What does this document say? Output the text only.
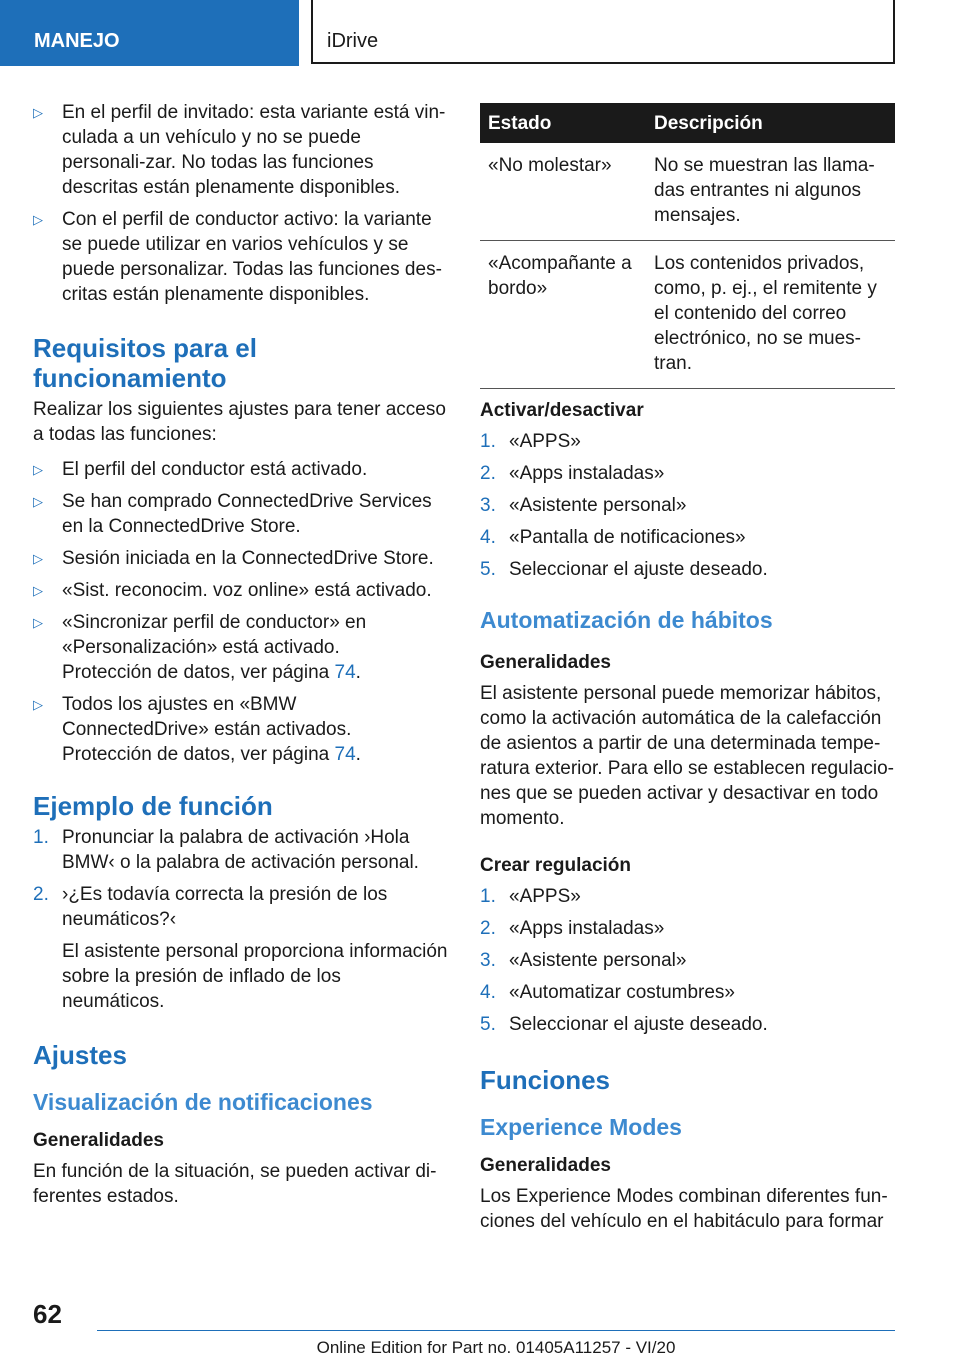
MANEJO	iDrive
▷ En el perfil de invitado: esta variante está vin-culada a un vehículo y no se puede personali-zar. No todas las funciones descritas están plenamente disponibles.

▷ Con el perfil de conductor activo: la variante se puede utilizar en varios vehículos y se puede personalizar. Todas las funciones des-critas están plenamente disponibles.

Requisitos para el funcionamiento

Realizar los siguientes ajustes para tener acceso a todas las funciones:

▷ El perfil del conductor está activado.

▷ Se han comprado ConnectedDrive Services en la ConnectedDrive Store.

▷ Sesión iniciada en la ConnectedDrive Store.

▷ «Sist. reconocim. voz online» está activado.

▷ «Sincronizar perfil de conductor» en «Personalización» está activado.

Protección de datos, ver página 74.

▷ Todos los ajustes en «BMW ConnectedDrive» están activados.

Protección de datos, ver página 74.

Ejemplo de función
1. Pronunciar la palabra de activación ›Hola BMW‹ o la palabra de activación personal.
2. ›¿Es todavía correcta la presión de los neumáticos?‹

El asistente personal proporciona información sobre la presión de inflado de los neumáticos.

Ajustes
Visualización de notificaciones
Generalidades

En función de la situación, se pueden activar di-ferentes estados.

Estado	Descripción
«No molestar»	No se muestran las llama-das entrantes ni algunos mensajes.
«Acompañante a bordo»	Los contenidos privados, como, p. ej., el remitente y el contenido del correo electrónico, no se mues-tran.
Activar/desactivar
1. «APPS»
2. «Apps instaladas»
3. «Asistente personal»
4. «Pantalla de notificaciones»
5. Seleccionar el ajuste deseado.
Automatización de hábitos
Generalidades

El asistente personal puede memorizar hábitos, como la activación automática de la calefacción de asientos a partir de una determinada tempe-ratura exterior. Para ello se establecen regulacio-nes que se pueden activar y desactivar en todo momento.

Crear regulación
1. «APPS»
2. «Apps instaladas»
3. «Asistente personal»
4. «Automatizar costumbres»
5. Seleccionar el ajuste deseado.
Funciones
Experience Modes
Generalidades

Los Experience Modes combinan diferentes fun-ciones del vehículo en el habitáculo para formar

62
Online Edition for Part no. 01405A11257 - VI/20
